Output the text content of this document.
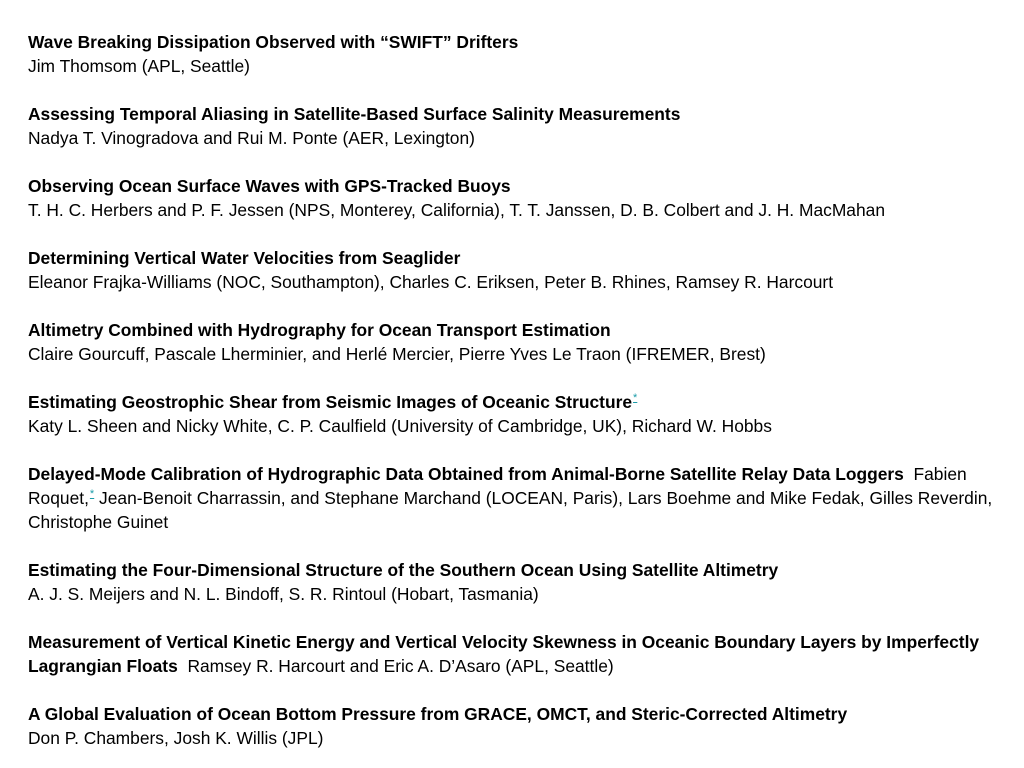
Wave Breaking Dissipation Observed with “SWIFT” Drifters
Jim Thomsom (APL, Seattle)
Assessing Temporal Aliasing in Satellite-Based Surface Salinity Measurements
Nadya T. Vinogradova and Rui M. Ponte (AER, Lexington)
Observing Ocean Surface Waves with GPS-Tracked Buoys
T. H. C. Herbers and P. F. Jessen (NPS, Monterey, California), T. T. Janssen, D. B. Colbert and J. H. MacMahan
Determining Vertical Water Velocities from Seaglider
Eleanor Frajka-Williams (NOC, Southampton), Charles C. Eriksen, Peter B. Rhines, Ramsey R. Harcourt
Altimetry Combined with Hydrography for Ocean Transport Estimation
Claire Gourcuff, Pascale Lherminier, and Herlé Mercier, Pierre Yves Le Traon (IFREMER, Brest)
Estimating Geostrophic Shear from Seismic Images of Oceanic Structure*
Katy L. Sheen and Nicky White, C. P. Caulfield (University of Cambridge, UK), Richard W. Hobbs
Delayed-Mode Calibration of Hydrographic Data Obtained from Animal-Borne Satellite Relay Data Loggers Fabien Roquet,* Jean-Benoit Charrassin, and Stephane Marchand (LOCEAN, Paris), Lars Boehme and Mike Fedak, Gilles Reverdin, Christophe Guinet
Estimating the Four-Dimensional Structure of the Southern Ocean Using Satellite Altimetry
A. J. S. Meijers and N. L. Bindoff, S. R. Rintoul (Hobart, Tasmania)
Measurement of Vertical Kinetic Energy and Vertical Velocity Skewness in Oceanic Boundary Layers by Imperfectly Lagrangian Floats Ramsey R. Harcourt and Eric A. D’Asaro (APL, Seattle)
A Global Evaluation of Ocean Bottom Pressure from GRACE, OMCT, and Steric-Corrected Altimetry
Don P. Chambers, Josh K. Willis (JPL)
